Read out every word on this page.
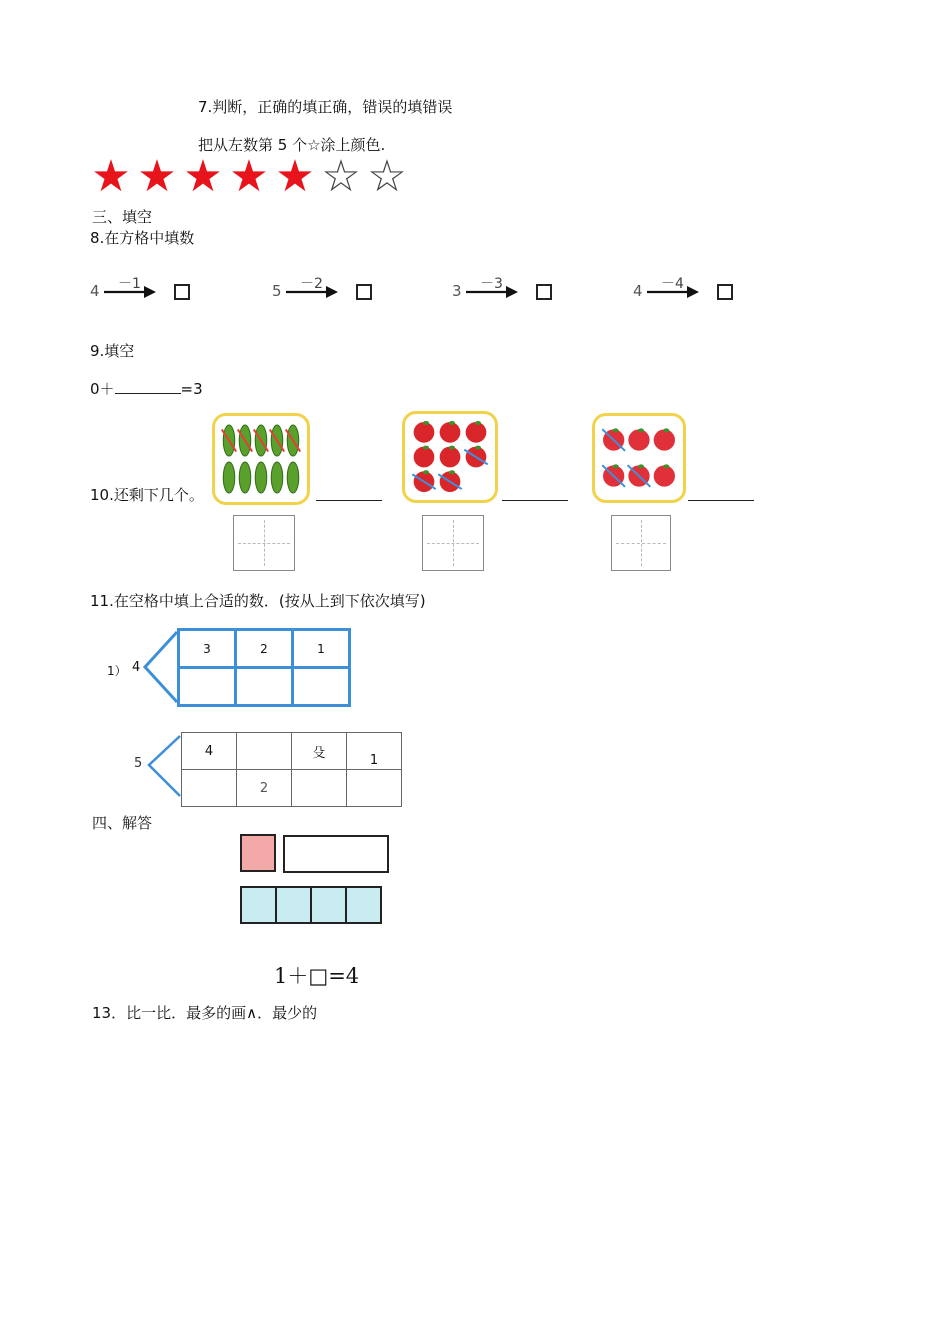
7.判断，正确的填正确，错误的填错误
把从左数第 5 个☆涂上颜色.
★ ★ ★ ★ ★ ☆ ☆
三、填空
8.在方格中填数
4 －1	5 －2	3 －3	4 －4
9.填空
0＋	=3
10.还剩下几个。
11.在空格中填上合适的数．(按从上到下依次填写)
1） 4
3	2	1

5
4		殳	1
	2		
四、解答
1＋□=4
13．比一比．最多的画∧．最少的
